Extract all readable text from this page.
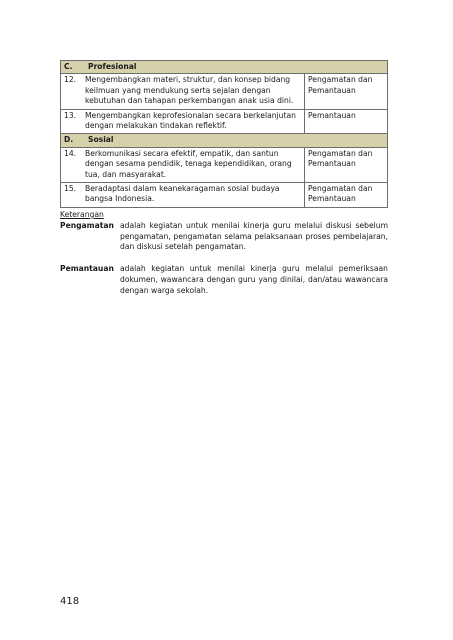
C. Profesional	

12. Mengembangkan materi, struktur, dan konsep bidang keilmuan yang mendukung serta sejalan dengan kebutuhan dan tahapan perkembangan anak usia dini.	Pengamatan dan Pemantauan

13. Mengembangkan keprofesionalan secara berkelanjutan dengan melakukan tindakan reflektif.	Pemantauan
D. Sosial	

14. Berkomunikasi secara efektif, empatik, dan santun dengan sesama pendidik, tenaga kependidikan, orang tua, dan masyarakat.	Pengamatan dan Pemantauan

15. Beradaptasi dalam keanekaragaman sosial budaya bangsa Indonesia.	Pengamatan dan Pemantauan
Keterangan
Pengamatan adalah kegiatan untuk menilai kinerja guru melalui diskusi sebelum pengamatan, pengamatan selama pelaksanaan proses pembelajaran, dan diskusi setelah pengamatan.
Pemantauan adalah kegiatan untuk menilai kinerja guru melalui pemeriksaan dokumen, wawancara dengan guru yang dinilai, dan/atau wawancara dengan warga sekolah.
418
